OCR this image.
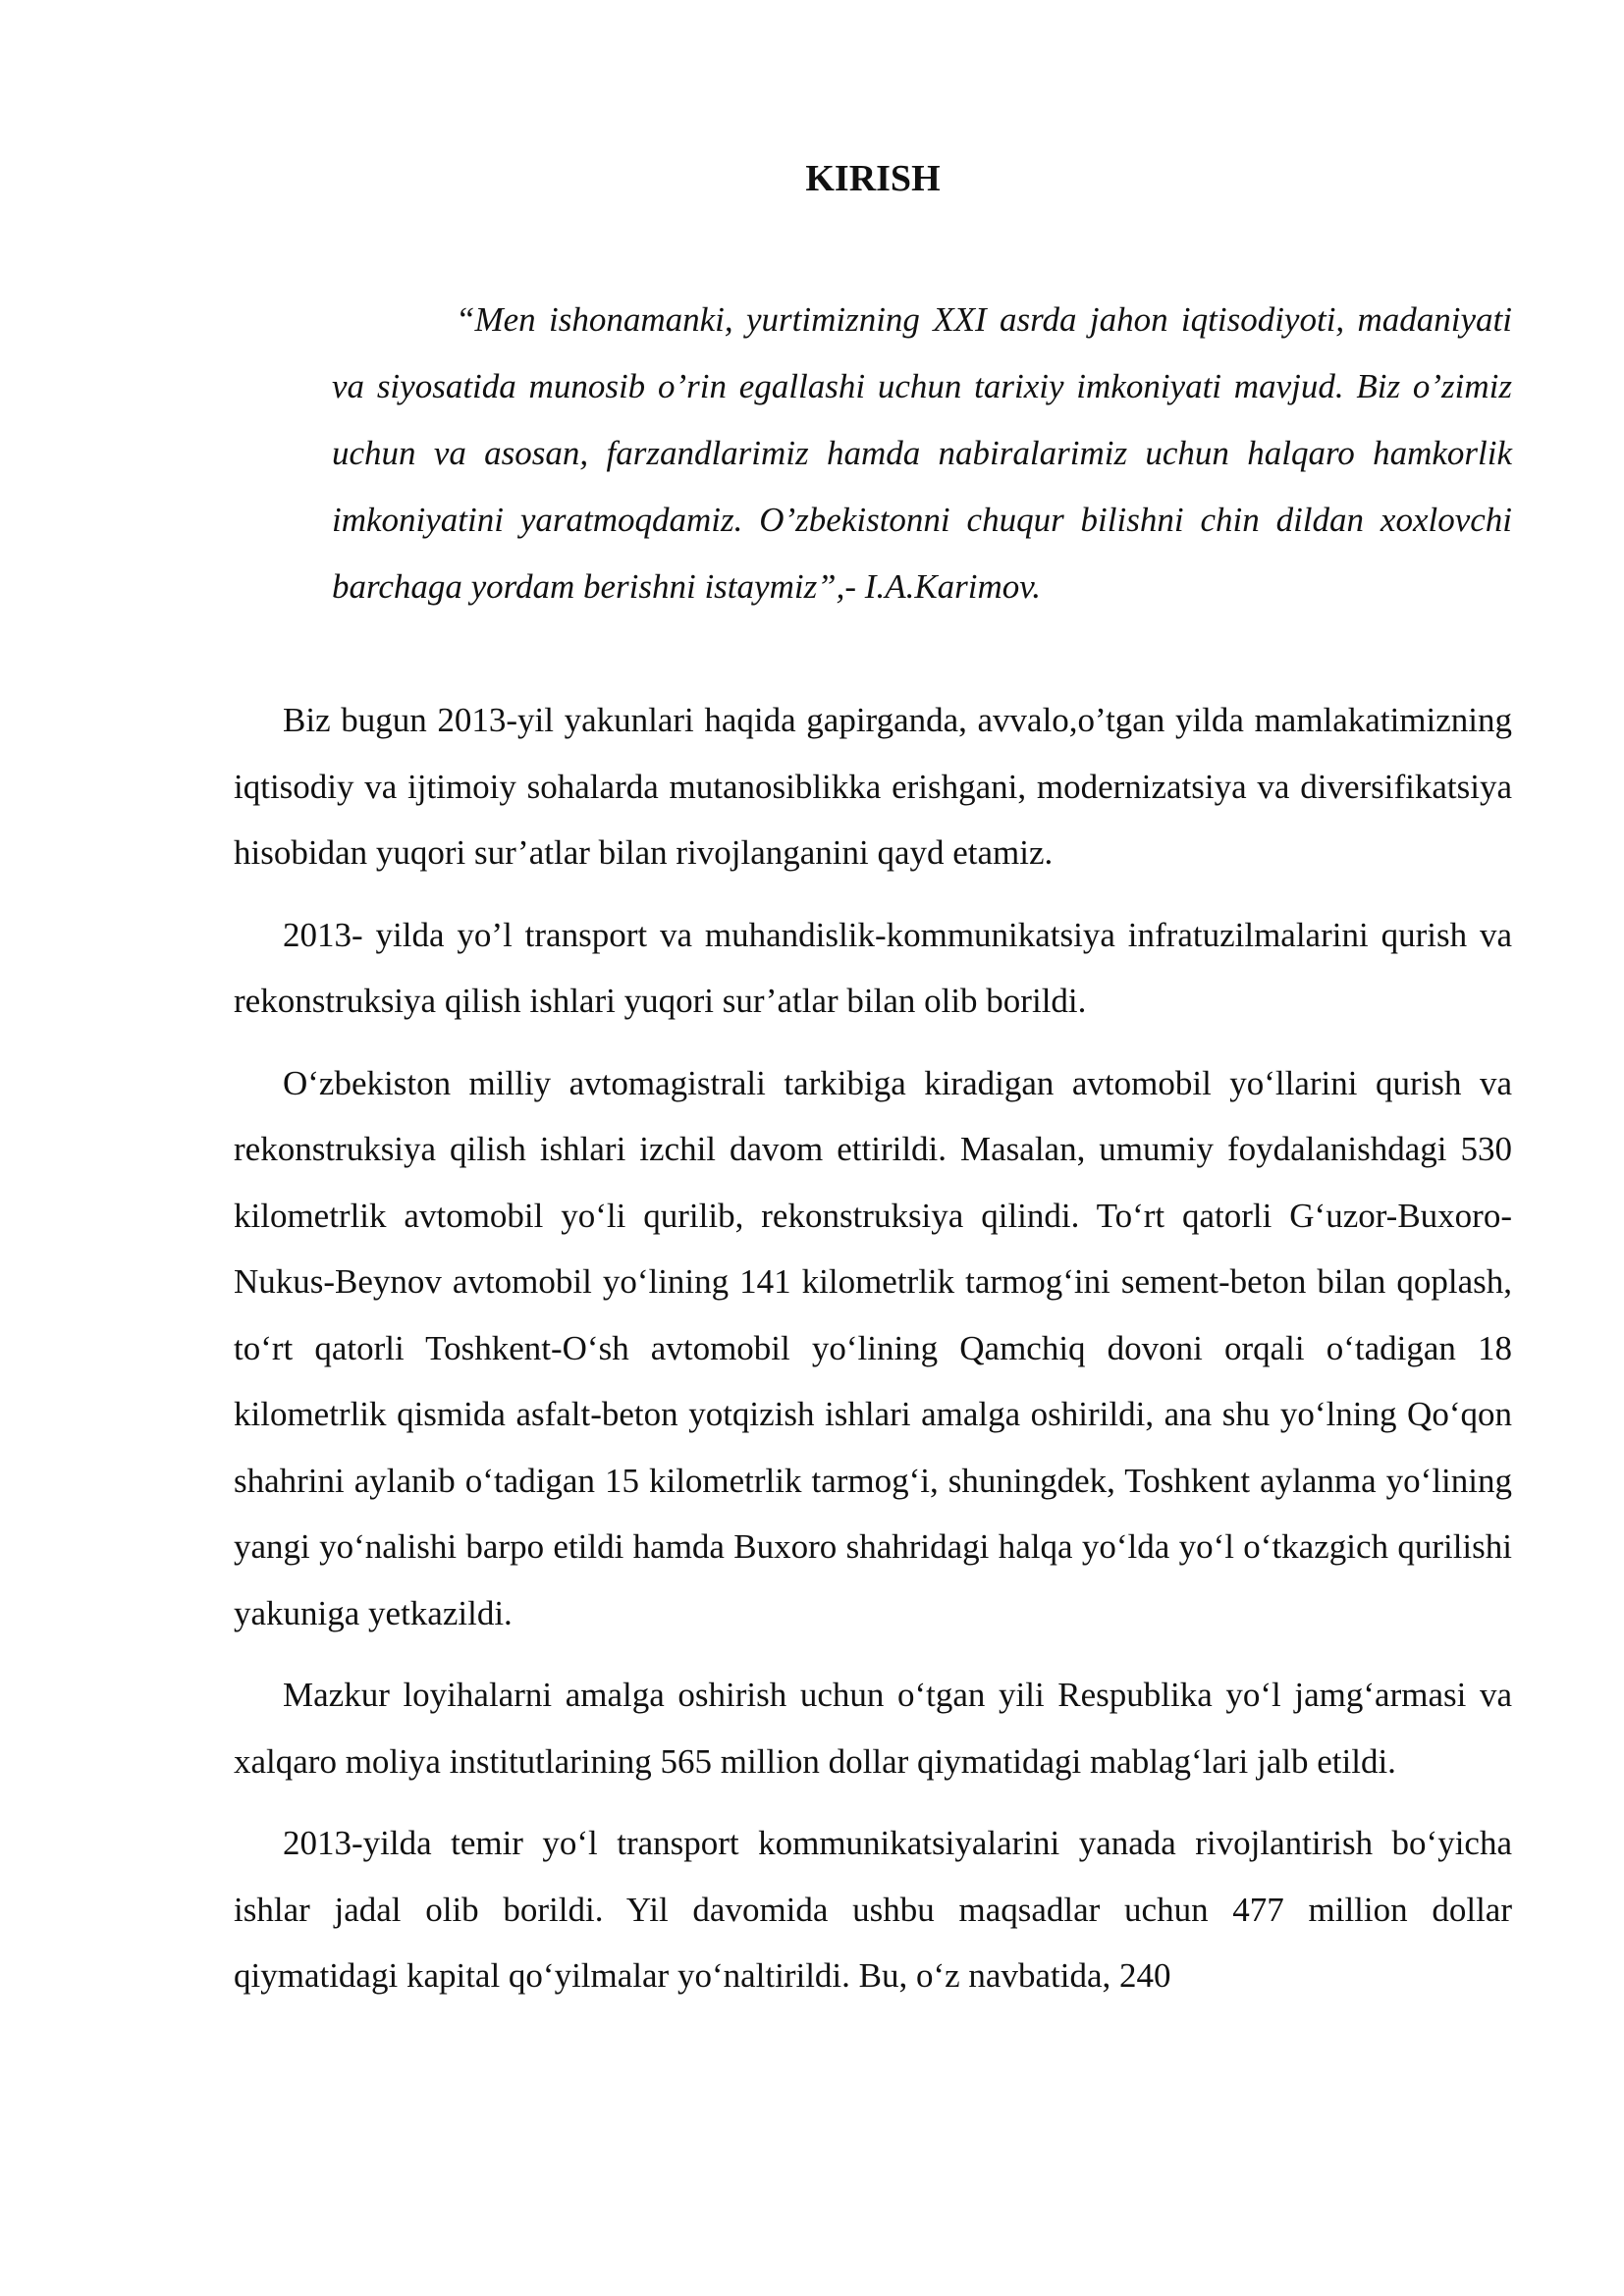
KIRISH

“Men ishonamanki, yurtimizning XXI asrda jahon iqtisodiyoti, madaniyati va siyosatida munosib o’rin egallashi uchun tarixiy imkoniyati mavjud. Biz o’zimiz uchun va asosan, farzandlarimiz hamda nabiralarimiz uchun halqaro hamkorlik imkoniyatini yaratmoqdamiz. O’zbekistonni chuqur bilishni chin dildan xoxlovchi barchaga yordam berishni istaymiz”,- I.A.Karimov.

Biz bugun 2013-yil yakunlari haqida gapirganda, avvalo,o’tgan yilda mamlakatimizning iqtisodiy va ijtimoiy sohalarda mutanosiblikka erishgani, modernizatsiya va diversifikatsiya hisobidan yuqori sur’atlar bilan rivojlanganini qayd etamiz.

2013- yilda yo’l transport va muhandislik-kommunikatsiya infratuzilmalarini qurish va rekonstruksiya qilish ishlari yuqori sur’atlar bilan olib borildi.

O‘zbekiston milliy avtomagistrali tarkibiga kiradigan avtomobil yo‘llarini qurish va rekonstruksiya qilish ishlari izchil davom ettirildi. Masalan, umumiy foydalanishdagi 530 kilometrlik avtomobil yo‘li qurilib, rekonstruksiya qilindi. To‘rt qatorli G‘uzor-Buxoro-Nukus-Beynov avtomobil yo‘lining 141 kilometrlik tarmog‘ini sement-beton bilan qoplash, to‘rt qatorli Toshkent-O‘sh avtomobil yo‘lining Qamchiq dovoni orqali o‘tadigan 18 kilometrlik qismida asfalt-beton yotqizish ishlari amalga oshirildi, ana shu yo‘lning Qo‘qon shahrini aylanib o‘tadigan 15 kilometrlik tarmog‘i, shuningdek, Toshkent aylanma yo‘lining yangi yo‘nalishi barpo etildi hamda Buxoro shahridagi halqa yo‘lda yo‘l o‘tkazgich qurilishi yakuniga yetkazildi.

Mazkur loyihalarni amalga oshirish uchun o‘tgan yili Respublika yo‘l jamg‘armasi va xalqaro moliya institutlarining 565 million dollar qiymatidagi mablag‘lari jalb etildi.

2013-yilda temir yo‘l transport kommunikatsiyalarini yanada rivojlantirish bo‘yicha ishlar jadal olib borildi. Yil davomida ushbu maqsadlar uchun 477 million dollar qiymatidagi kapital qo‘yilmalar yo‘naltirildi. Bu, o‘z navbatida, 240
